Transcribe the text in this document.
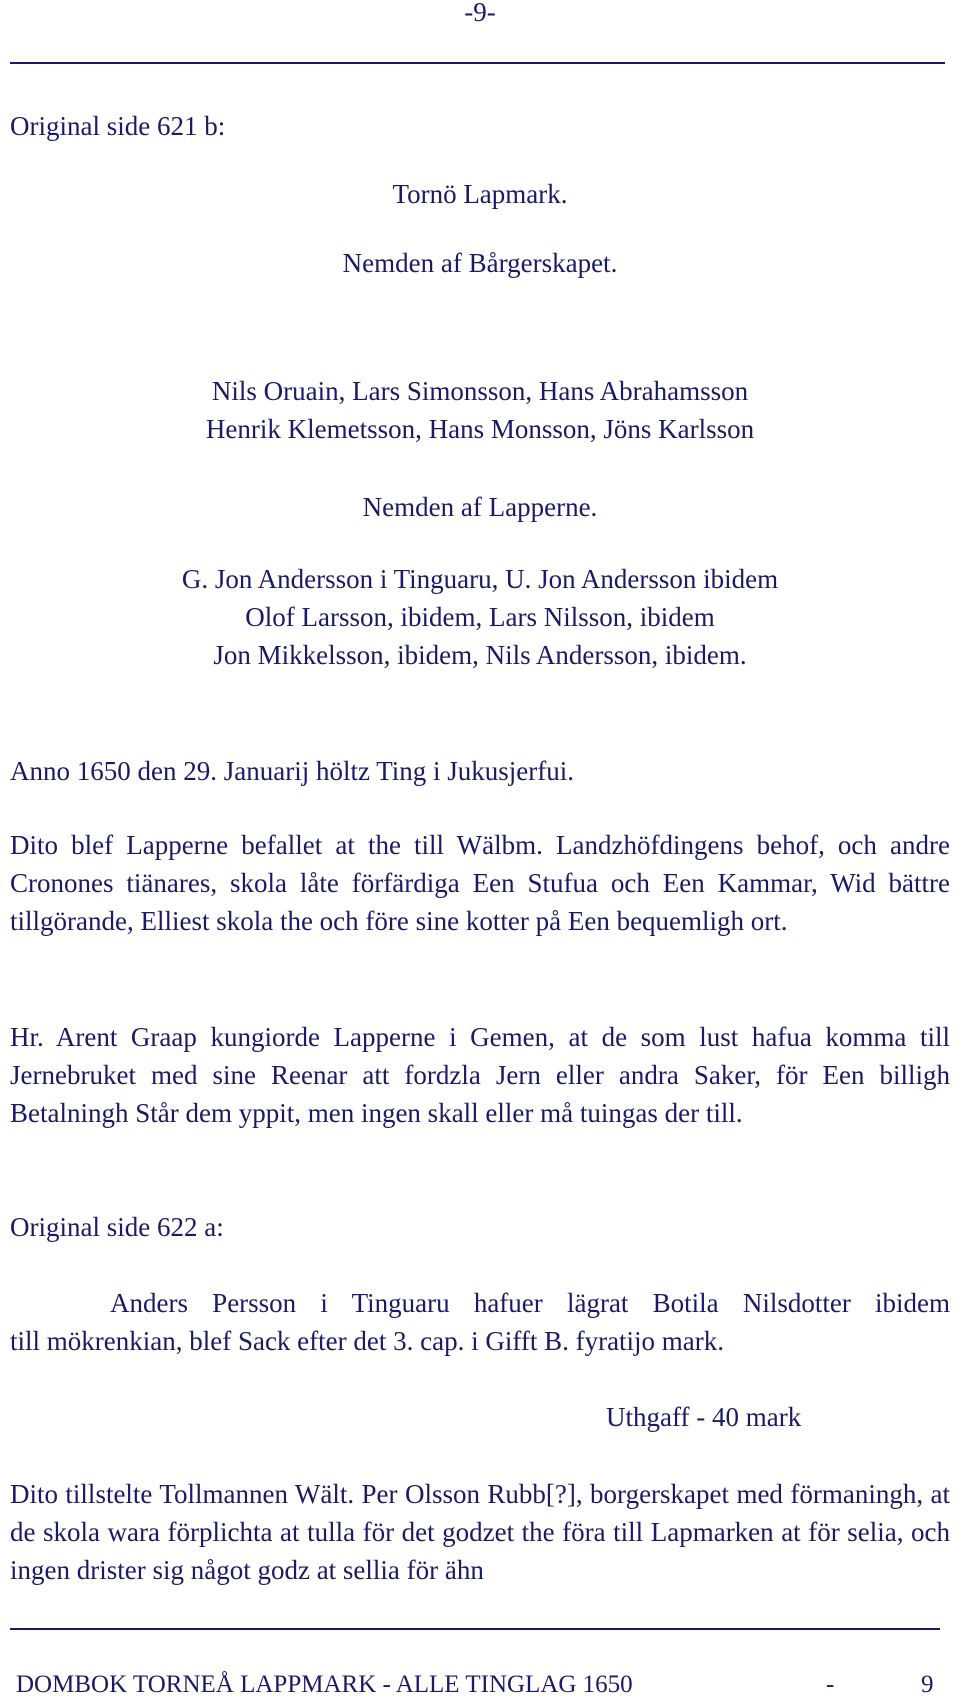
-9-
Original side 621 b:
Tornö Lapmark.
Nemden af Bårgerskapet.
Nils Oruain, Lars Simonsson, Hans Abrahamsson
Henrik Klemetsson, Hans Monsson, Jöns Karlsson
Nemden af Lapperne.
G. Jon Andersson i Tinguaru, U. Jon Andersson ibidem
Olof Larsson, ibidem, Lars Nilsson, ibidem
Jon Mikkelsson, ibidem, Nils Andersson, ibidem.
Anno 1650 den 29. Januarij höltz Ting i Jukusjerfui.

Dito blef Lapperne befallet at the till Wälbm. Landzhöfdingens behof, och andre Cronones tiänares, skola låte förfärdiga Een Stufua och Een Kammar, Wid bättre tillgörande, Elliest skola the och före sine kotter på Een bequemligh ort.

Hr. Arent Graap kungiorde Lapperne i Gemen, at de som lust hafua komma till Jernebruket med sine Reenar att fordzla Jern eller andra Saker, för Een billigh Betalningh Står dem yppit, men ingen skall eller må tuingas der till.

Original side 622 a:
Anders Persson i Tinguaru hafuer lägrat Botila Nilsdotter ibidem
till mökrenkian, blef Sack efter det 3. cap. i Gifft B. fyratijo mark.
Uthgaff - 40 mark

Dito tillstelte Tollmannen Wält. Per Olsson Rubb[?], borgerskapet med förmaningh, at de skola wara förplichta at tulla för det godzet the föra till Lapmarken at för selia, och ingen drister sig något godz at sellia för ähn

DOMBOK TORNEÅ LAPPMARK - ALLE TINGLAG 1650	-	9
